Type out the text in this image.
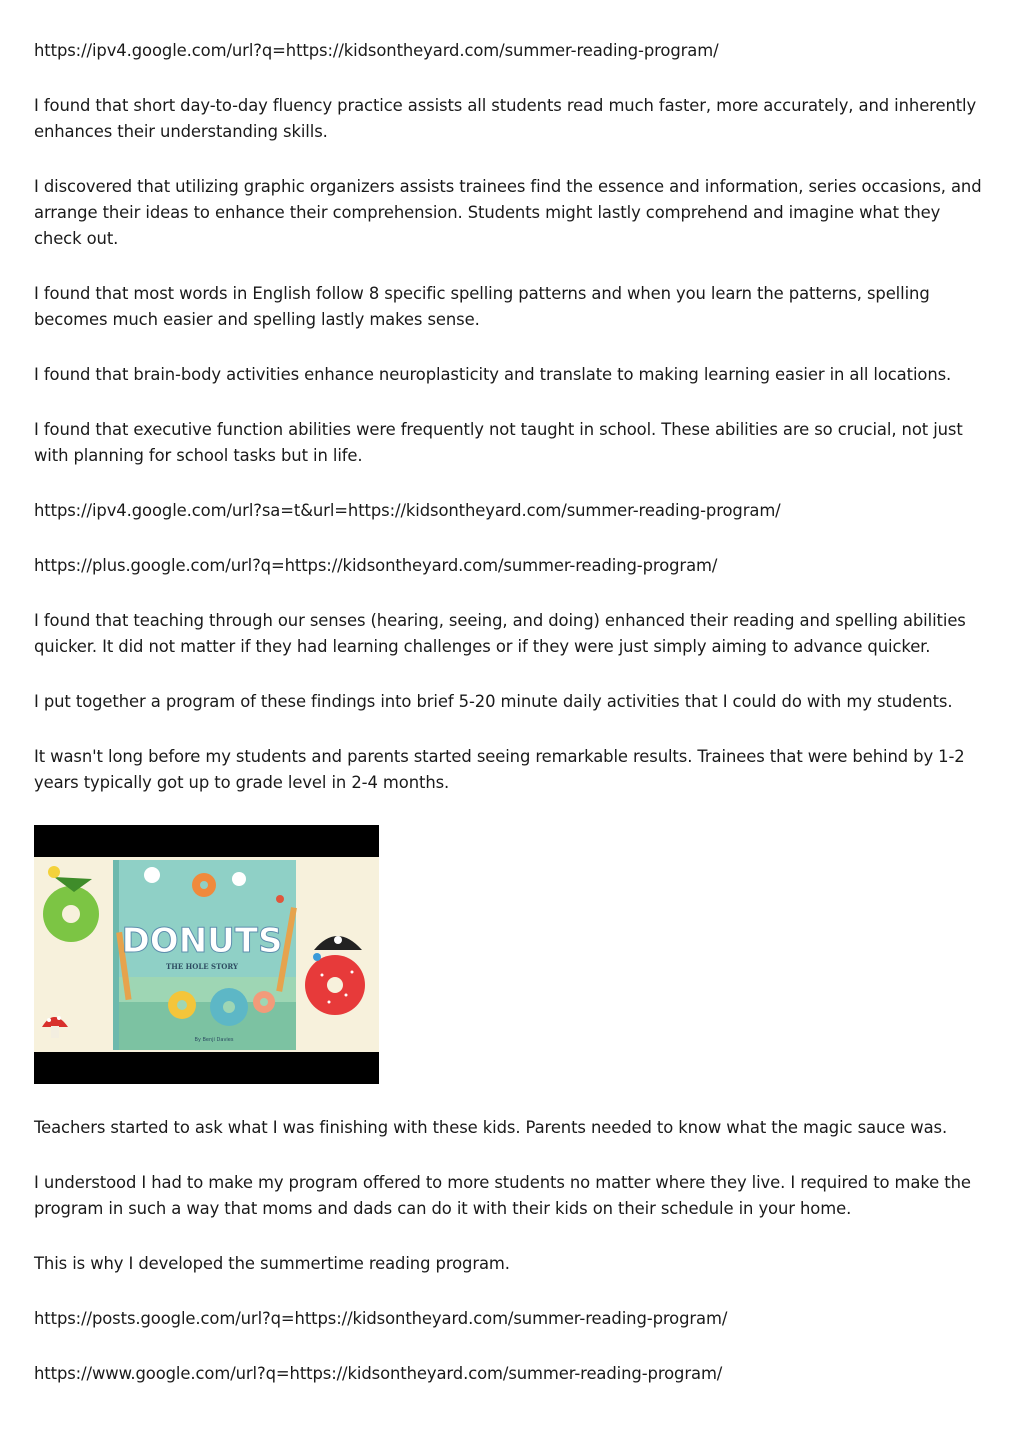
https://ipv4.google.com/url?q=https://kidsontheyard.com/summer-reading-program/

I found that short day-to-day fluency practice assists all students read much faster, more accurately, and inherently enhances their understanding skills.

I discovered that utilizing graphic organizers assists trainees find the essence and information, series occasions, and arrange their ideas to enhance their comprehension. Students might lastly comprehend and imagine what they check out.

I found that most words in English follow 8 specific spelling patterns and when you learn the patterns, spelling becomes much easier and spelling lastly makes sense.

I found that brain-body activities enhance neuroplasticity and translate to making learning easier in all locations.

I found that executive function abilities were frequently not taught in school. These abilities are so crucial, not just with planning for school tasks but in life.

https://ipv4.google.com/url?sa=t&url=https://kidsontheyard.com/summer-reading-program/
https://plus.google.com/url?q=https://kidsontheyard.com/summer-reading-program/

I found that teaching through our senses (hearing, seeing, and doing) enhanced their reading and spelling abilities quicker. It did not matter if they had learning challenges or if they were just simply aiming to advance quicker.

I put together a program of these findings into brief 5-20 minute daily activities that I could do with my students.

It wasn't long before my students and parents started seeing remarkable results. Trainees that were behind by 1-2 years typically got up to grade level in 2-4 months.

DONUTS
THE HOLE STORY
By Benji Davies

Teachers started to ask what I was finishing with these kids. Parents needed to know what the magic sauce was.

I understood I had to make my program offered to more students no matter where they live. I required to make the program in such a way that moms and dads can do it with their kids on their schedule in your home.

This is why I developed the summertime reading program.

https://posts.google.com/url?q=https://kidsontheyard.com/summer-reading-program/
https://www.google.com/url?q=https://kidsontheyard.com/summer-reading-program/
